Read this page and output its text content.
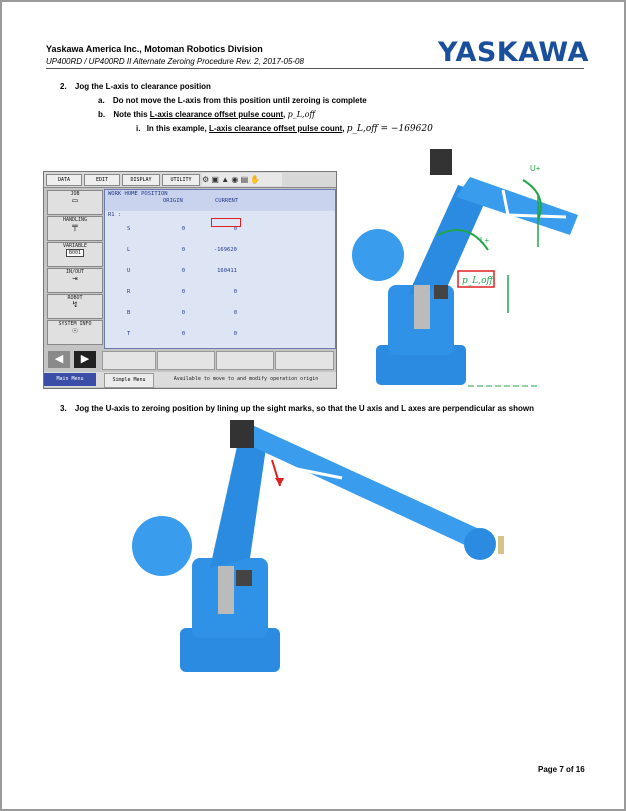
Yaskawa America Inc., Motoman Robotics Division
UP400RD / UP400RD II Alternate Zeroing Procedure Rev. 2, 2017-05-08	YASKAWA
2. Jog the L-axis to clearance position
a. Do not move the L-axis from this position until zeroing is complete
b. Note this L-axis clearance offset pulse count, p_L,off
i. In this example, L-axis clearance offset pulse count, p_L,off = −169620
DATA	EDIT	DISPLAY	UTILITY	⚙ ▣ ▲ ◉ ▤ ✋
JOB
▭
HANDLING
╤
VARIABLE
B001
IN/OUT
⇥
ROBOT
↯
SYSTEM INFO
☉
WORK HOME POSITION
ORIGIN	CURRENT
R1 :

S

L

U

R

B

T

0

0

0

0

0

0

0

-169620

160411

0

0

0

◀	▶
Main Menu	Simple Menu	Available to move to and modify operation origin
p_L,off
U+
L+
3. Jog the U-axis to zeroing position by lining up the sight marks, so that the U axis and L axes are perpendicular as shown
YASKAWA
Page 7 of 16
